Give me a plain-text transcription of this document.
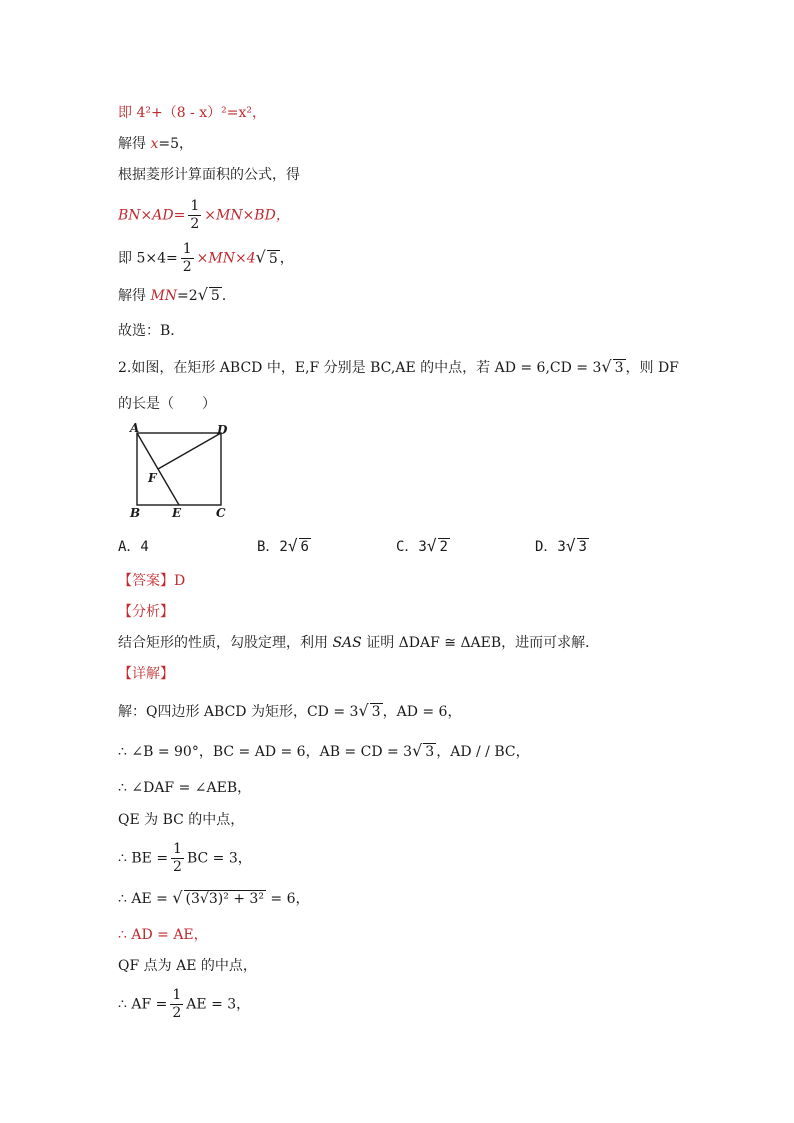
即 4²+（8 - x）²=x²，
解得 x=5，
根据菱形计算面积的公式，得
$BN\times AD= \frac{1}{2} \times MN\times BD$，
即 $5\times 4= \frac{1}{2} \times MN\times 4√$ 5 ，
解得 MN=2√ 5 ．
故选：B．
2.如图，在矩形 ABCD 中，E,F 分别是 BC,AE 的中点，若 AD = 6,CD = 3√ 3 ，则 DF
的长是（　　）
A	D
F
B	E	C
A．4	B．2√ 6	C．3√ 2	D．3√ 3
【答案】D
【分析】
结合矩形的性质，勾股定理，利用 SAS 证明 ΔDAF ≅ ΔAEB，进而可求解．
【详解】
解：Q四边形 ABCD 为矩形，CD = 3√ 3 ，AD = 6，
∴ ∠B = 90°，BC = AD = 6，AB = CD = 3√ 3 ，AD / / BC，
∴ ∠DAF = ∠AEB，
QE 为 BC 的中点，
∴ BE = $\frac{1}{2}$ BC = 3，
∴ AE = √ (3√3)² + 3² = 6，
∴ AD = AE，
QF 点为 AE 的中点，
∴ AF = $\frac{1}{2}$ AE = 3，
